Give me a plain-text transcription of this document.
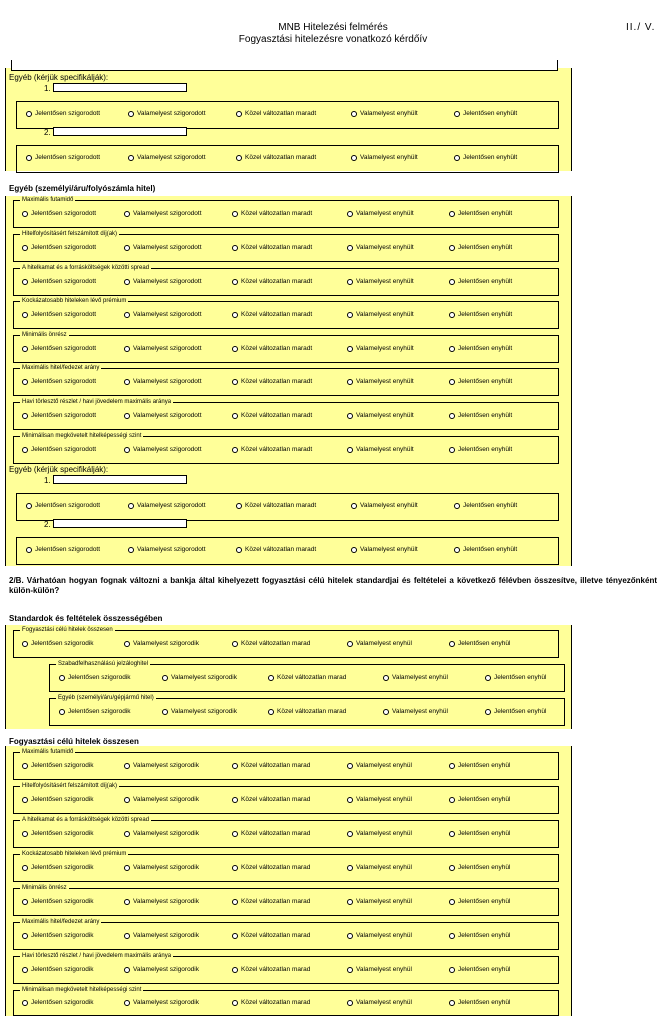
MNB Hitelezési felmérés
Fogyasztási hitelezésre vonatkozó kérdőív
II./ V.
Egyéb (kérjük specifikálják):
1.
Jelentősen szigorodott	Valamelyest szigorodott	Közel változatlan maradt	Valamelyest enyhült	Jelentősen enyhült
2.
Jelentősen szigorodott	Valamelyest szigorodott	Közel változatlan maradt	Valamelyest enyhült	Jelentősen enyhült
Egyéb (személyi/áru/folyószámla hitel)
Maximális futamidő
Jelentősen szigorodott	Valamelyest szigorodott	Közel változatlan maradt	Valamelyest enyhült	Jelentősen enyhült
Hitelfolyósításért felszámított díj(ak)
Jelentősen szigorodott	Valamelyest szigorodott	Közel változatlan maradt	Valamelyest enyhült	Jelentősen enyhült
A hitelkamat és a forrásköltségek közötti spread
Jelentősen szigorodott	Valamelyest szigorodott	Közel változatlan maradt	Valamelyest enyhült	Jelentősen enyhült
Kockázatosabb hiteleken lévő prémium
Jelentősen szigorodott	Valamelyest szigorodott	Közel változatlan maradt	Valamelyest enyhült	Jelentősen enyhült
Minimális önrész
Jelentősen szigorodott	Valamelyest szigorodott	Közel változatlan maradt	Valamelyest enyhült	Jelentősen enyhült
Maximális hitel/fedezet arány
Jelentősen szigorodott	Valamelyest szigorodott	Közel változatlan maradt	Valamelyest enyhült	Jelentősen enyhült
Havi törlesztő részlet / havi jövedelem maximális aránya
Jelentősen szigorodott	Valamelyest szigorodott	Közel változatlan maradt	Valamelyest enyhült	Jelentősen enyhült
Minimálisan megkövetelt hitelképességi szint
Jelentősen szigorodott	Valamelyest szigorodott	Közel változatlan maradt	Valamelyest enyhült	Jelentősen enyhült
Egyéb (kérjük specifikálják):
1.
Jelentősen szigorodott	Valamelyest szigorodott	Közel változatlan maradt	Valamelyest enyhült	Jelentősen enyhült
2.
Jelentősen szigorodott	Valamelyest szigorodott	Közel változatlan maradt	Valamelyest enyhült	Jelentősen enyhült
2/B. Várhatóan hogyan fognak változni a bankja által kihelyezett fogyasztási célú hitelek standardjai és feltételei a következő félévben összesítve, illetve tényezőnként külön-külön?
Standardok és feltételek összességében
Fogyasztási célú hitelek összesen
Jelentősen szigorodik	Valamelyest szigorodik	Közel változatlan marad	Valamelyest enyhül	Jelentősen enyhül
Szabadfelhasználású jelzáloghitel
Jelentősen szigorodik	Valamelyest szigorodik	Közel változatlan marad	Valamelyest enyhül	Jelentősen enyhül
Egyéb (személyi/áru/gépjármű hitel)
Jelentősen szigorodik	Valamelyest szigorodik	Közel változatlan marad	Valamelyest enyhül	Jelentősen enyhül
Fogyasztási célú hitelek összesen
Maximális futamidő
Jelentősen szigorodik	Valamelyest szigorodik	Közel változatlan marad	Valamelyest enyhül	Jelentősen enyhül
Hitelfolyósításért felszámított díj(ak)
Jelentősen szigorodik	Valamelyest szigorodik	Közel változatlan marad	Valamelyest enyhül	Jelentősen enyhül
A hitelkamat és a forrásköltségek közötti spread
Jelentősen szigorodik	Valamelyest szigorodik	Közel változatlan marad	Valamelyest enyhül	Jelentősen enyhül
Kockázatosabb hiteleken lévő prémium
Jelentősen szigorodik	Valamelyest szigorodik	Közel változatlan marad	Valamelyest enyhül	Jelentősen enyhül
Minimális önrész
Jelentősen szigorodik	Valamelyest szigorodik	Közel változatlan marad	Valamelyest enyhül	Jelentősen enyhül
Maximális hitel/fedezet arány
Jelentősen szigorodik	Valamelyest szigorodik	Közel változatlan marad	Valamelyest enyhül	Jelentősen enyhül
Havi törlesztő részlet / havi jövedelem maximális aránya
Jelentősen szigorodik	Valamelyest szigorodik	Közel változatlan marad	Valamelyest enyhül	Jelentősen enyhül
Minimálisan megkövetelt hitelképességi szint
Jelentősen szigorodik	Valamelyest szigorodik	Közel változatlan marad	Valamelyest enyhül	Jelentősen enyhül
